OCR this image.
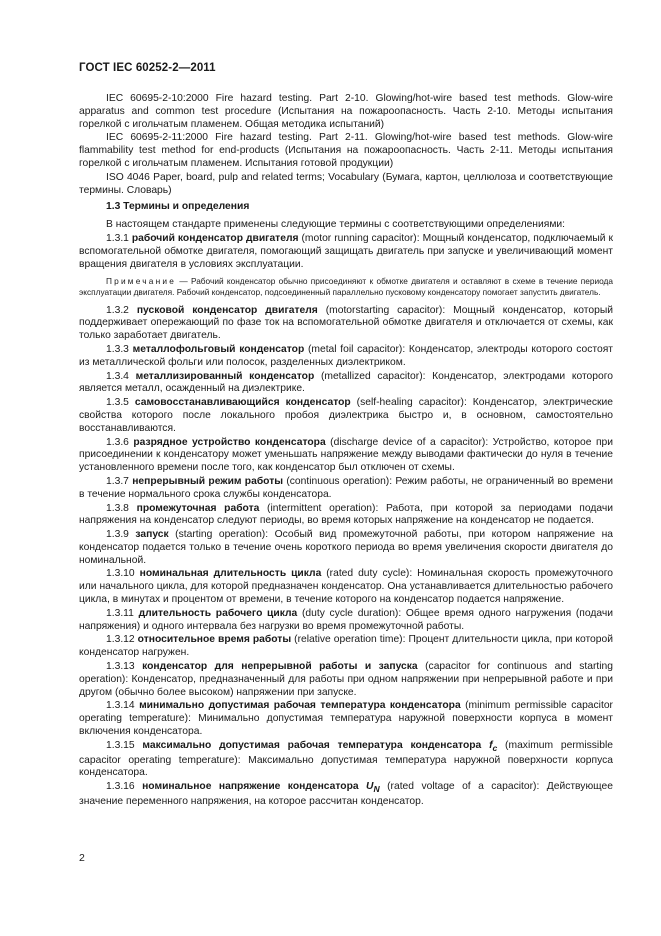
ГОСТ IEC 60252-2—2011

IEC 60695-2-10:2000 Fire hazard testing. Part 2-10. Glowing/hot-wire based test methods. Glow-wire apparatus and common test procedure (Испытания на пожароопасность. Часть 2-10. Методы испытания горелкой с игольчатым пламенем. Общая методика испытаний)

IEC 60695-2-11:2000 Fire hazard testing. Part 2-11. Glowing/hot-wire based test methods. Glow-wire flammability test method for end-products (Испытания на пожароопасность. Часть 2-11. Методы испытания горелкой с игольчатым пламенем. Испытания готовой продукции)

ISO 4046 Paper, board, pulp and related terms; Vocabulary (Бумага, картон, целлюлоза и соответствующие термины. Словарь)

1.3 Термины и определения

В настоящем стандарте применены следующие термины с соответствующими определениями:

1.3.1 рабочий конденсатор двигателя (motor running capacitor): Мощный конденсатор, подключаемый к вспомогательной обмотке двигателя, помогающий защищать двигатель при запуске и увеличивающий момент вращения двигателя в условиях эксплуатации.

Примечание — Рабочий конденсатор обычно присоединяют к обмотке двигателя и оставляют в схеме в течение периода эксплуатации двигателя. Рабочий конденсатор, подсоединенный параллельно пусковому конденсатору помогает запустить двигатель.

1.3.2 пусковой конденсатор двигателя (motorstarting capacitor): Мощный конденсатор, который поддерживает опережающий по фазе ток на вспомогательной обмотке двигателя и отключается от схемы, как только заработает двигатель.

1.3.3 металлофольговый конденсатор (metal foil capacitor): Конденсатор, электроды которого состоят из металлической фольги или полосок, разделенных диэлектриком.

1.3.4 металлизированный конденсатор (metallized capacitor): Конденсатор, электродами которого является металл, осажденный на диэлектрике.

1.3.5 самовосстанавливающийся конденсатор (self-healing capacitor): Конденсатор, электрические свойства которого после локального пробоя диэлектрика быстро и, в основном, самостоятельно восстанавливаются.

1.3.6 разрядное устройство конденсатора (discharge device of a capacitor): Устройство, которое при присоединении к конденсатору может уменьшать напряжение между выводами фактически до нуля в течение установленного времени после того, как конденсатор был отключен от схемы.

1.3.7 непрерывный режим работы (continuous operation): Режим работы, не ограниченный во времени в течение нормального срока службы конденсатора.

1.3.8 промежуточная работа (intermittent operation): Работа, при которой за периодами подачи напряжения на конденсатор следуют периоды, во время которых напряжение на конденсатор не подается.

1.3.9 запуск (starting operation): Особый вид промежуточной работы, при котором напряжение на конденсатор подается только в течение очень короткого периода во время увеличения скорости двигателя до номинальной.

1.3.10 номинальная длительность цикла (rated duty cycle): Номинальная скорость промежуточного или начального цикла, для которой предназначен конденсатор. Она устанавливается длительностью рабочего цикла, в минутах и процентом от времени, в течение которого на конденсатор подается напряжение.

1.3.11 длительность рабочего цикла (duty cycle duration): Общее время одного нагружения (подачи напряжения) и одного интервала без нагрузки во время промежуточной работы.

1.3.12 относительное время работы (relative operation time): Процент длительности цикла, при которой конденсатор нагружен.

1.3.13 конденсатор для непрерывной работы и запуска (capacitor for continuous and starting operation): Конденсатор, предназначенный для работы при одном напряжении при непрерывной работе и при другом (обычно более высоком) напряжении при запуске.

1.3.14 минимально допустимая рабочая температура конденсатора (minimum permissible capacitor operating temperature): Минимально допустимая температура наружной поверхности корпуса в момент включения конденсатора.

1.3.15 максимально допустимая рабочая температура конденсатора $f_c$ (maximum permissible capacitor operating temperature): Максимально допустимая температура наружной поверхности корпуса конденсатора.

1.3.16 номинальное напряжение конденсатора $U_N$ (rated voltage of a capacitor): Действующее значение переменного напряжения, на которое рассчитан конденсатор.

2
